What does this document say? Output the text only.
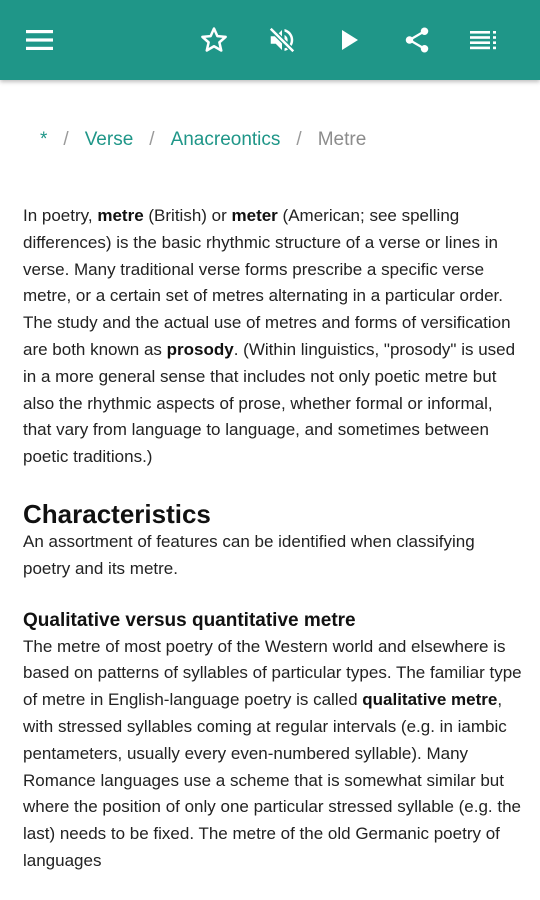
* / Verse / Anacreontics / Metre

In poetry, metre (British) or meter (American; see spelling differences) is the basic rhythmic structure of a verse or lines in verse. Many traditional verse forms prescribe a specific verse metre, or a certain set of metres alternating in a particular order. The study and the actual use of metres and forms of versification are both known as prosody. (Within linguistics, "prosody" is used in a more general sense that includes not only poetic metre but also the rhythmic aspects of prose, whether formal or informal, that vary from language to language, and sometimes between poetic traditions.)

Characteristics

An assortment of features can be identified when classifying poetry and its metre.

Qualitative versus quantitative metre

The metre of most poetry of the Western world and elsewhere is based on patterns of syllables of particular types. The familiar type of metre in English-language poetry is called qualitative metre, with stressed syllables coming at regular intervals (e.g. in iambic pentameters, usually every even-numbered syllable). Many Romance languages use a scheme that is somewhat similar but where the position of only one particular stressed syllable (e.g. the last) needs to be fixed. The metre of the old Germanic poetry of languages
